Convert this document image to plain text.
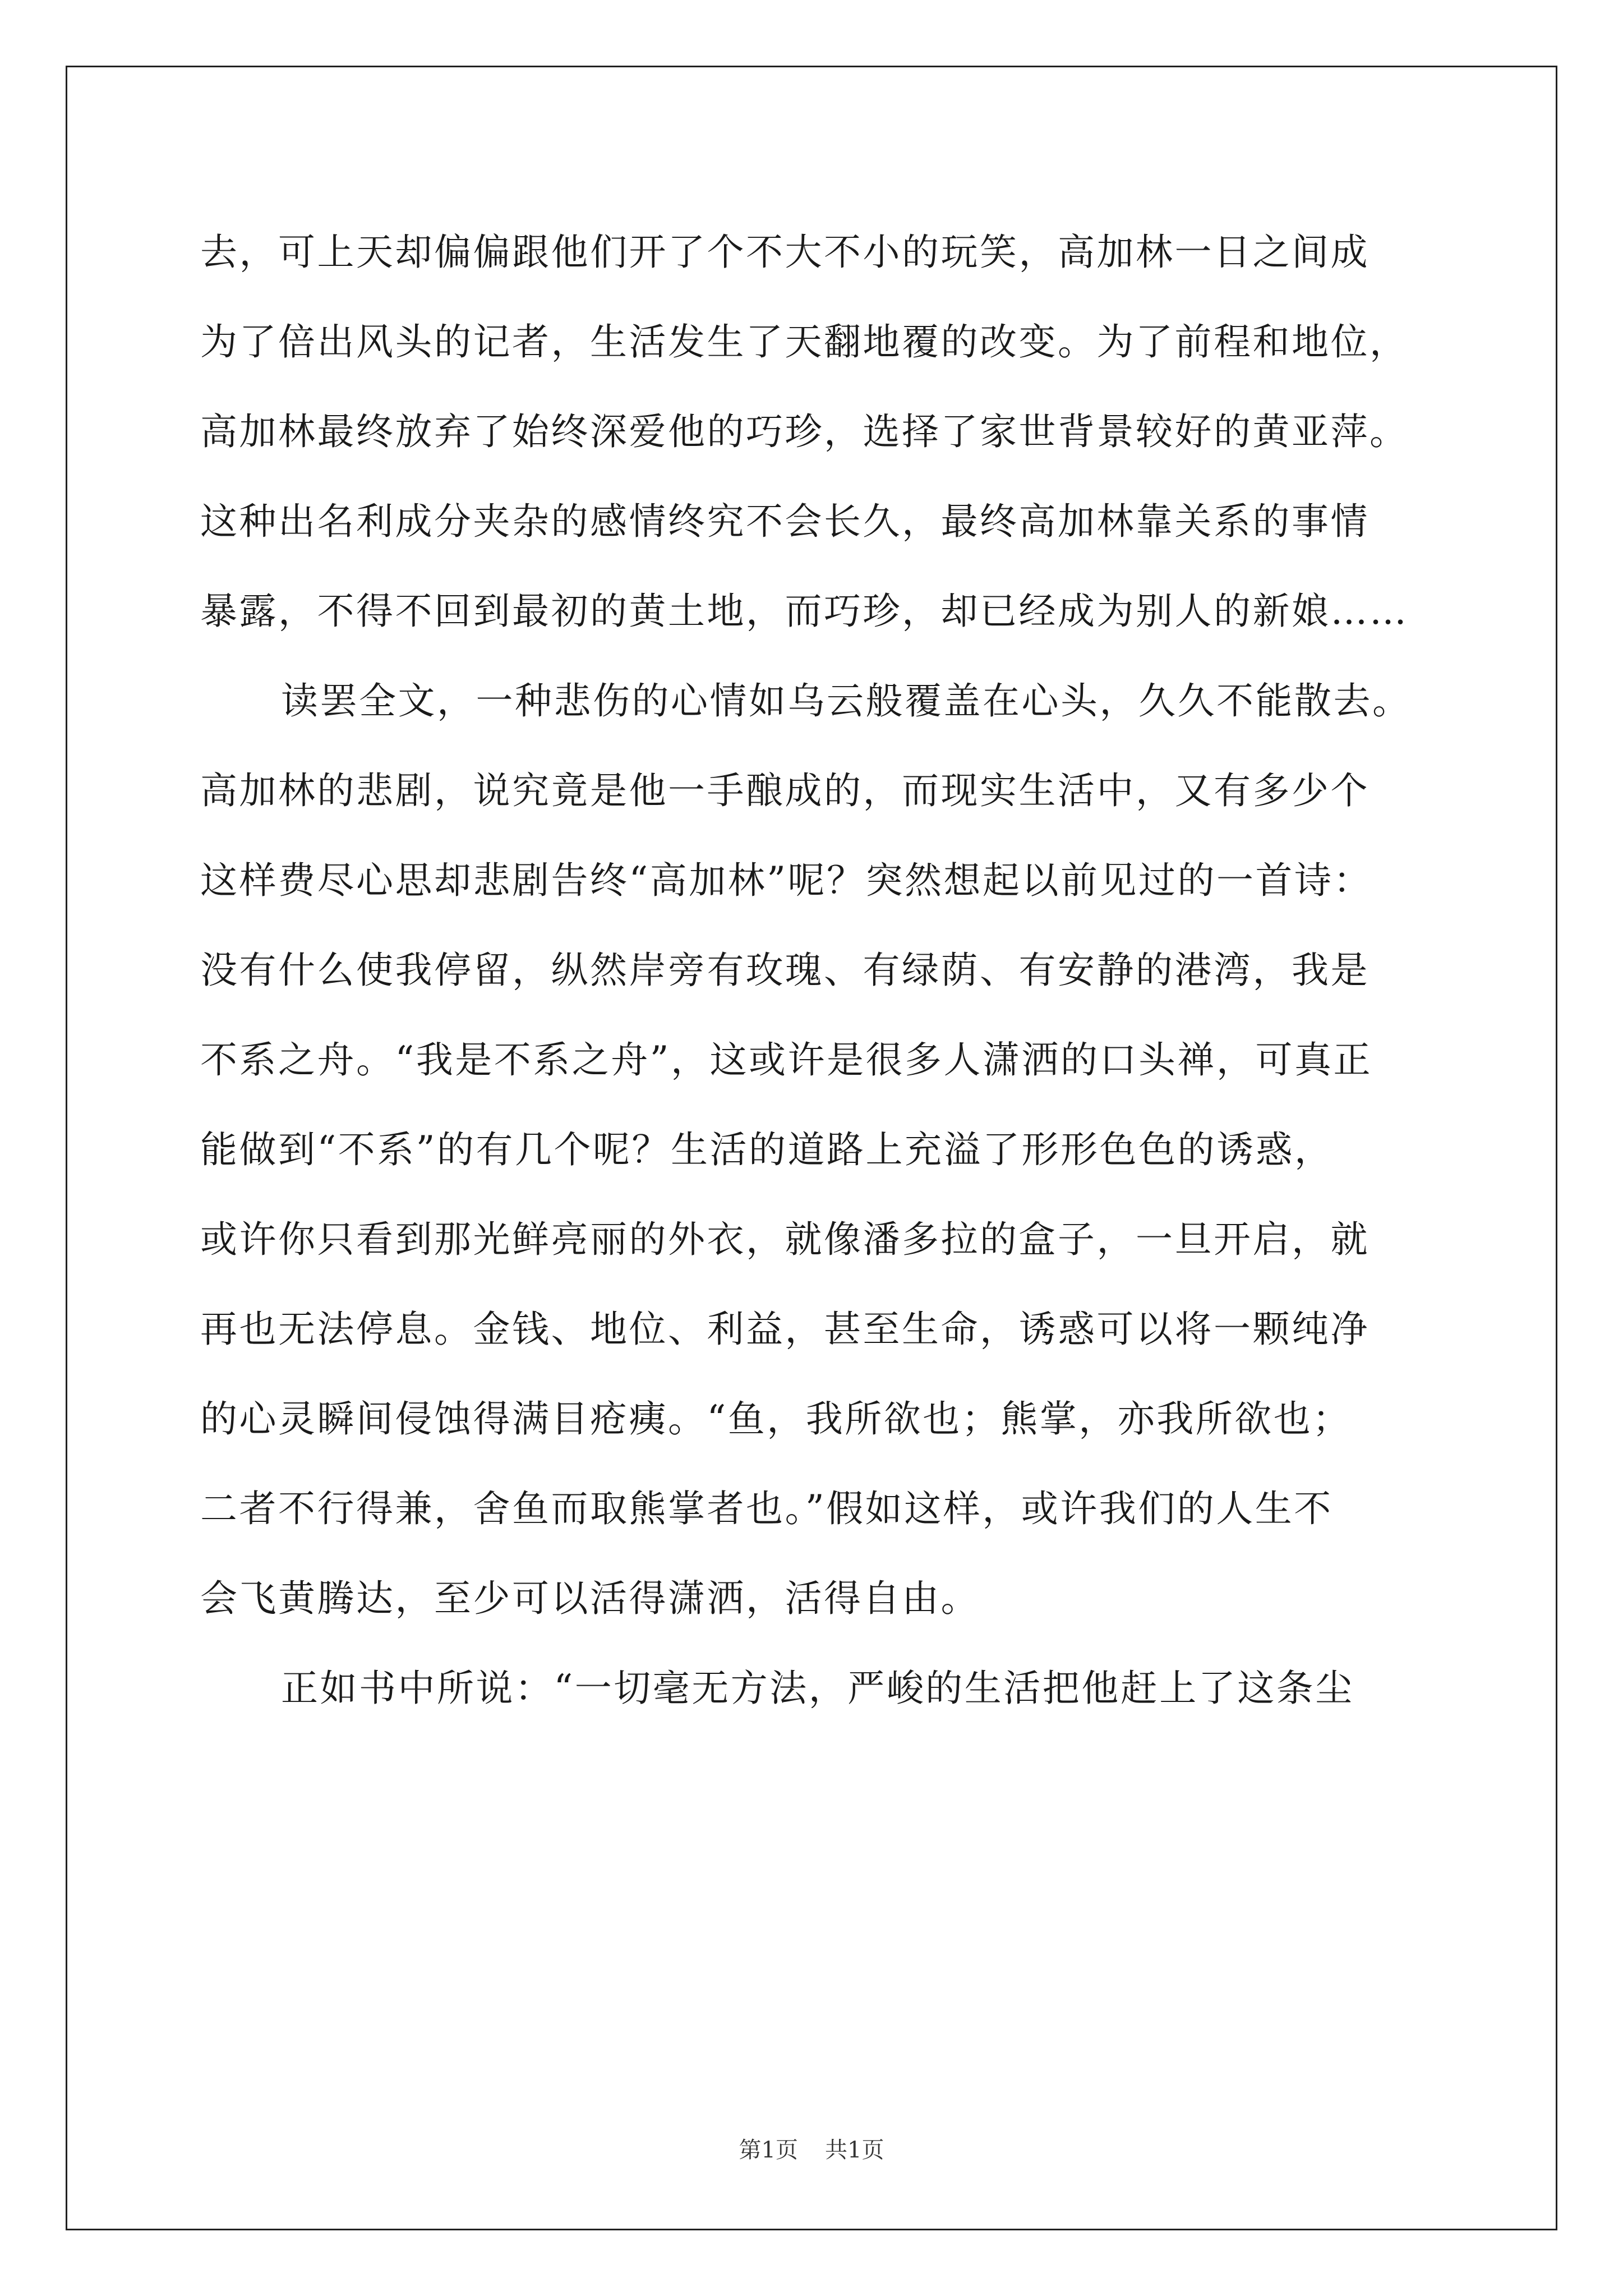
去，可上天却偏偏跟他们开了个不大不小的玩笑，高加林一日之间成
为了倍出风头的记者，生活发生了天翻地覆的改变。为了前程和地位，
高加林最终放弃了始终深爱他的巧珍，选择了家世背景较好的黄亚萍。
这种出名利成分夹杂的感情终究不会长久，最终高加林靠关系的事情
暴露，不得不回到最初的黄土地，而巧珍，却已经成为别人的新娘……
读罢全文，一种悲伤的心情如乌云般覆盖在心头，久久不能散去。
高加林的悲剧，说究竟是他一手酿成的，而现实生活中，又有多少个
这样费尽心思却悲剧告终“高加林”呢？突然想起以前见过的一首诗：
没有什么使我停留，纵然岸旁有玫瑰、有绿荫、有安静的港湾，我是
不系之舟。“我是不系之舟”，这或许是很多人潇洒的口头禅，可真正
能做到“不系”的有几个呢？生活的道路上充溢了形形色色的诱惑，
或许你只看到那光鲜亮丽的外衣，就像潘多拉的盒子，一旦开启，就
再也无法停息。金钱、地位、利益，甚至生命，诱惑可以将一颗纯净
的心灵瞬间侵蚀得满目疮痍。“鱼，我所欲也；熊掌，亦我所欲也；
二者不行得兼，舍鱼而取熊掌者也。”假如这样，或许我们的人生不
会飞黄腾达，至少可以活得潇洒，活得自由。
正如书中所说：“一切毫无方法，严峻的生活把他赶上了这条尘
第1页 共1页
